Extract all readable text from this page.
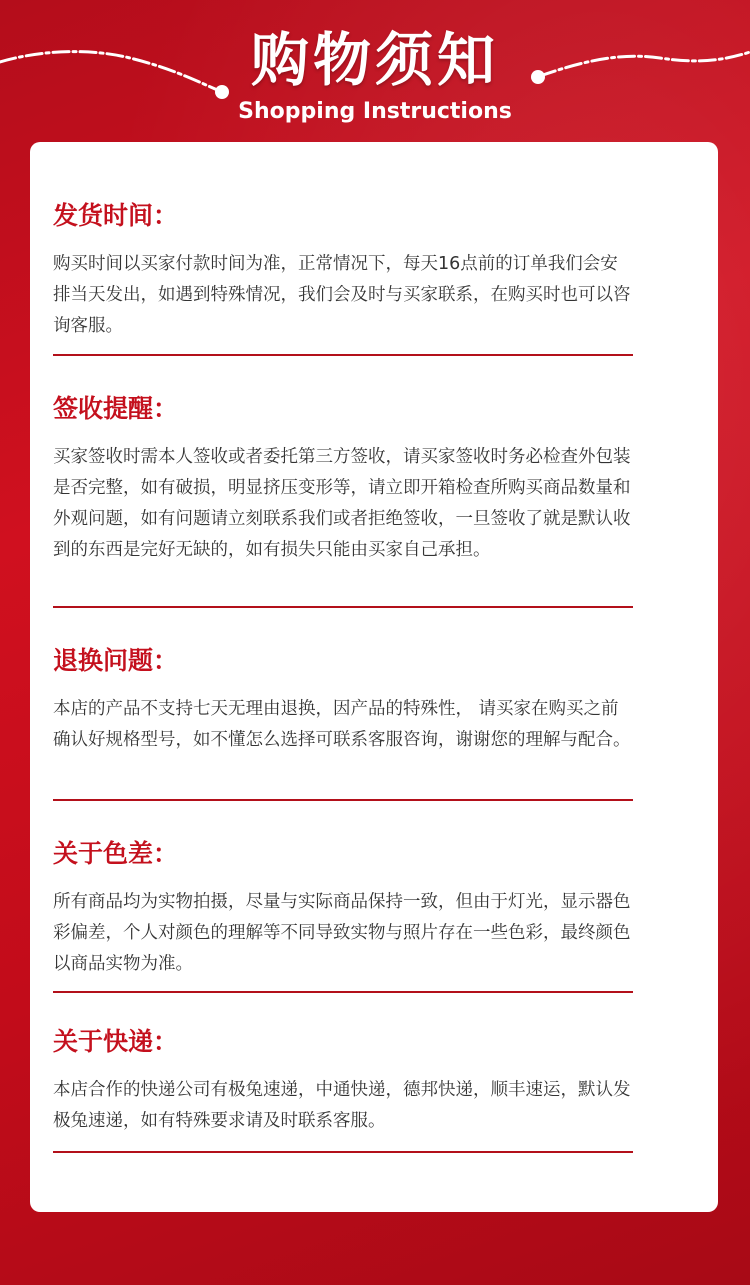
购物须知
Shopping Instructions
发货时间：
购买时间以买家付款时间为准，正常情况下，每天16点前的订单我们会安排当天发出，如遇到特殊情况，我们会及时与买家联系，在购买时也可以咨询客服。
签收提醒：
买家签收时需本人签收或者委托第三方签收，请买家签收时务必检查外包装是否完整，如有破损，明显挤压变形等，请立即开箱检查所购买商品数量和外观问题，如有问题请立刻联系我们或者拒绝签收，一旦签收了就是默认收到的东西是完好无缺的，如有损失只能由买家自己承担。
退换问题：
本店的产品不支持七天无理由退换，因产品的特殊性， 请买家在购买之前确认好规格型号，如不懂怎么选择可联系客服咨询，谢谢您的理解与配合。
关于色差：
所有商品均为实物拍摄，尽量与实际商品保持一致，但由于灯光，显示器色彩偏差，个人对颜色的理解等不同导致实物与照片存在一些色彩，最终颜色以商品实物为准。
关于快递：
本店合作的快递公司有极兔速递，中通快递，德邦快递，顺丰速运，默认发极兔速递，如有特殊要求请及时联系客服。
